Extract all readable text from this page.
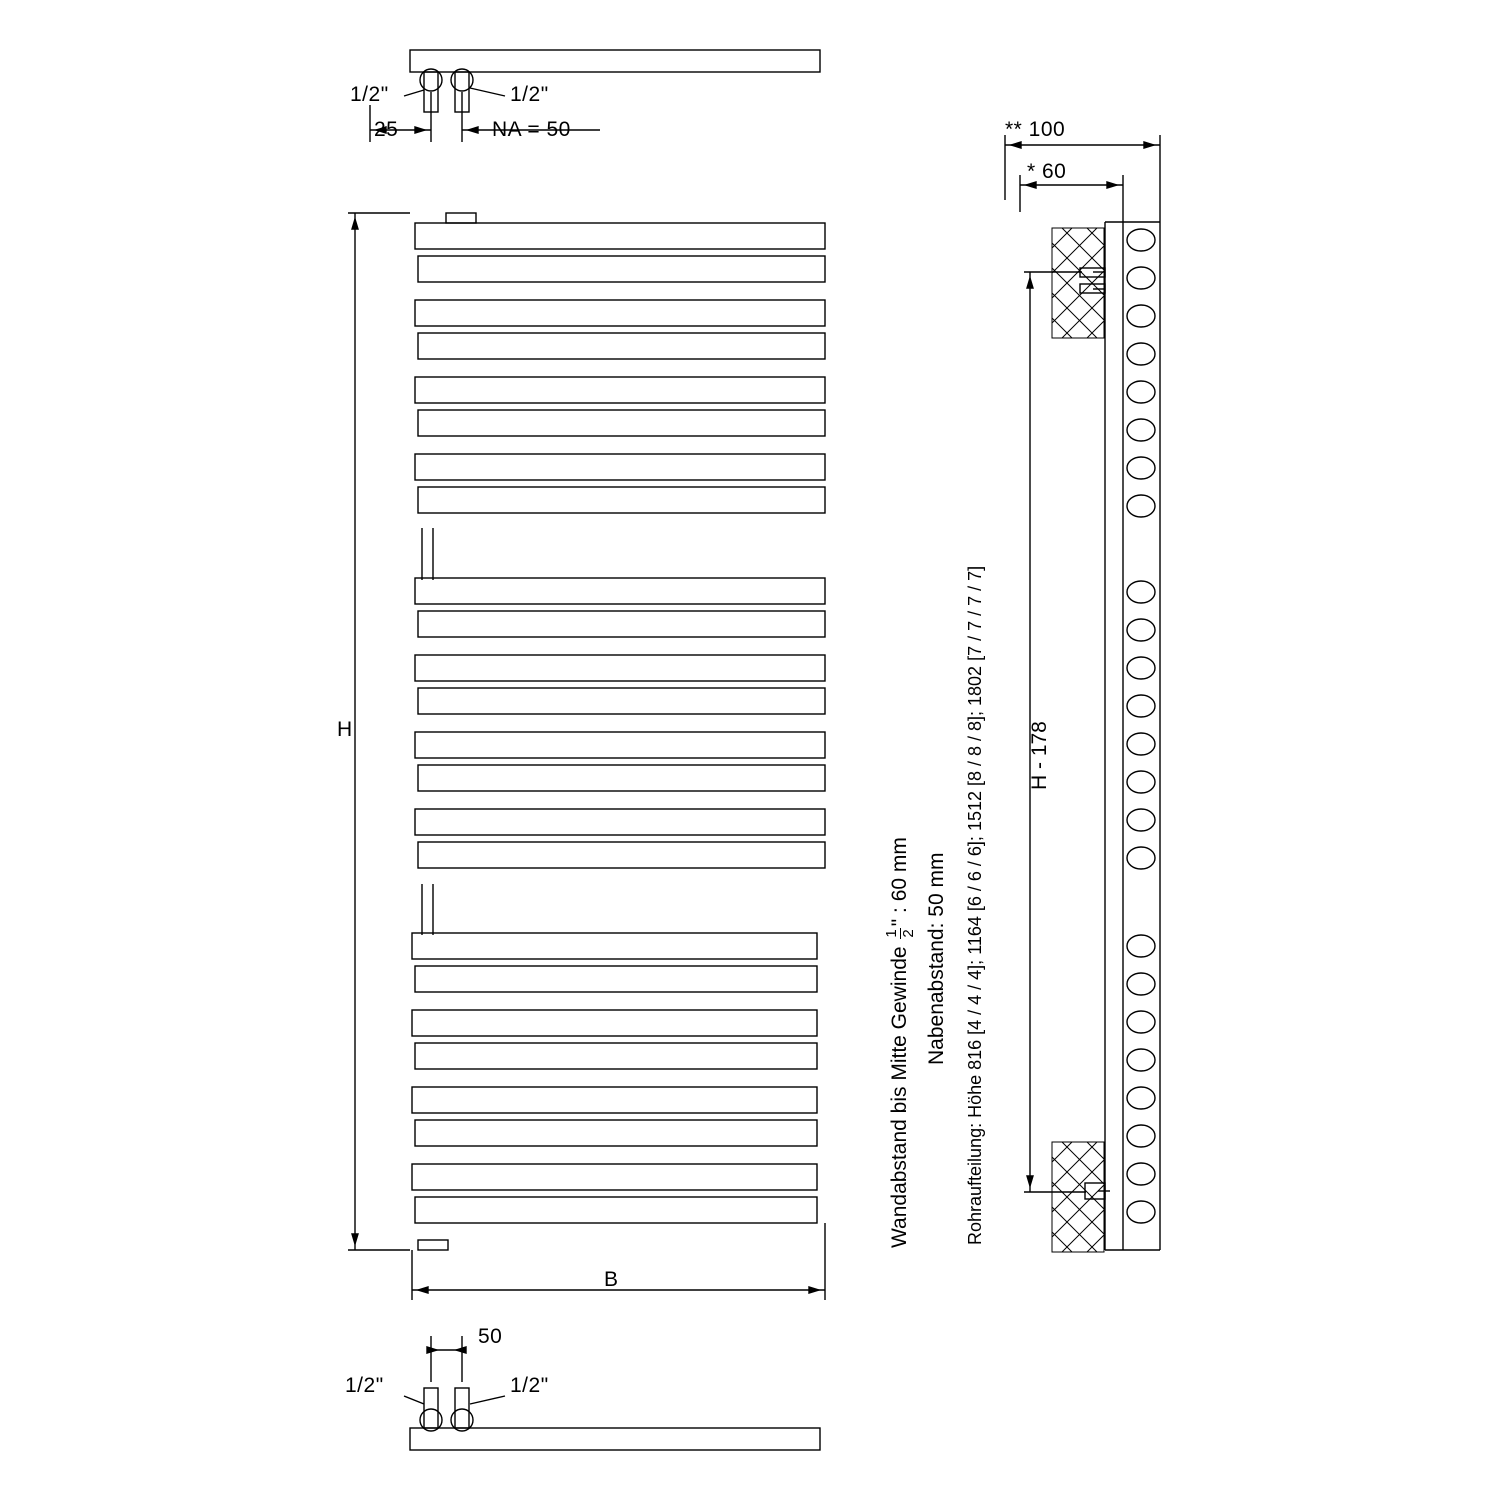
1/2"	1/2"
25	NA = 50
H
B
50
1/2"	1/2"
** 100
* 60
H - 178
Wandabstand bis Mitte Gewinde
1 2
" : 60 mm Nabenabstand: 50 mm Rohraufteilung: Höhe 816 [4 / 4 / 4]; 1164 [6 / 6 / 6]; 1512 [8 / 8 / 8]; 1802 [7 / 7 / 7 / 7]
